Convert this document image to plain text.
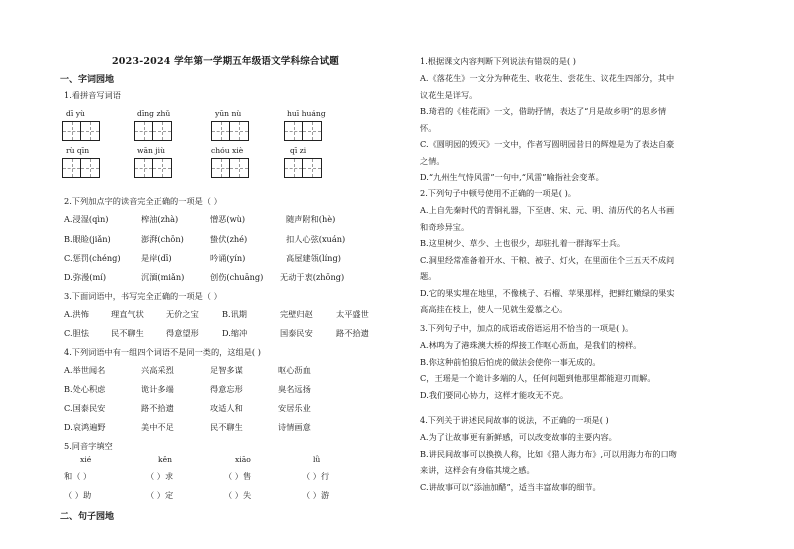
2023-2024 学年第一学期五年级语文学科综合试题
一、字词园地
1.看拼音写词语
dī yù	dīng zhǔ	yūn nù	huī huáng
rù qīn	wān jiù	chóu xiè	qī zi
2.下列加点字的读音完全正确的一项是（ ）
A.浸湿(qìn)	榨油(zhà)	憎恶(wù)	随声附和(hè)
B.眼睑(jiǎn)	澎湃(chōn)	蛰伏(zhé)	扣人心弦(xuán)
C.惩罚(chéng) 是岸(dī)	吟诵(yín)	高屋建瓴(líng)
D.弥漫(mí)	沉湎(miǎn)	创伤(chuāng) 无动于衷(zhōng)
3.下面词语中，书写完全正确的一项是（ ）
A.洪怖	理直气状	无价之宝	B.讯期	完壁归赵	太平盛世
C.胆怯	民不聊生	得意望形	D.缩冲	国泰民安	路不拾遗
4.下列词语中有一组四个词语不是同一类的，这组是( )
A.举世闻名	兴高采烈	足智多谋	呕心沥血
B.处心积虑	诡计多端	得意忘形	臭名远扬
C.国泰民安	路不拾遗	攻适人和	安居乐业
D.哀鸿遍野	美中不足	民不聊生	诗情画意
5.同音字填空
xié	kěn	xiāo	lǜ
和（ ）	（ ）求	（ ）售	（ ）行
（ ）助	（ ）定	（ ）失	（ ）游
二、句子园地
1.根据课文内容判断下列说法有错误的是( )
A.《落花生》一文分为种花生、收花生、尝花生、议花生四部分，其中
议花生是详写。
B.琦君的《桂花雨》一文，借助抒情，表达了“月是故乡明”的思乡情
怀。
C.《圆明园的毁灭》一文中，作者写圆明园昔日的辉煌是为了表达自豪
之情。
D.“九州生气恃风雷”一句中,“风雷”喻指社会变革。
2.下列句子中顿号使用不正确的一项是( )。
A.上自先秦时代的青铜礼器，下至唐、宋、元、明、清历代的名人书画
和奇珍异宝。
B.这里树少、草少、土也很少，却驻扎着一群海军士兵。
C.洞里经常准备着开水、干粮、被子、灯火，在里面住个三五天不成问
题。
D.它的果实埋在地里，不像桃子、石榴、苹果那样，把鲜红嫩绿的果实
高高挂在枝上，使人一见就生爱慕之心。
3.下列句子中，加点的成语或俗语运用不恰当的一项是( )。
A.林鸣为了港珠澳大桥的焊接工作呕心沥血，是我们的榜样。
B.你这种前怕狼后怕虎的做法会使你一事无成的。
C，王瑶是一个诡计多端的人，任何问题到他那里都能迎刃而解。
D.我们要同心协力，这样才能攻无不克。
4.下列关于讲述民间故事的说法，不正确的一项是( )
A.为了让故事更有新鲜感，可以改变故事的主要内容。
B.讲民间故事可以换换人称，比如《猎人海力布》,可以用海力布的口吻
来讲，这样会有身临其境之感。
C.讲故事可以“添油加醋”，适当丰富故事的细节。
